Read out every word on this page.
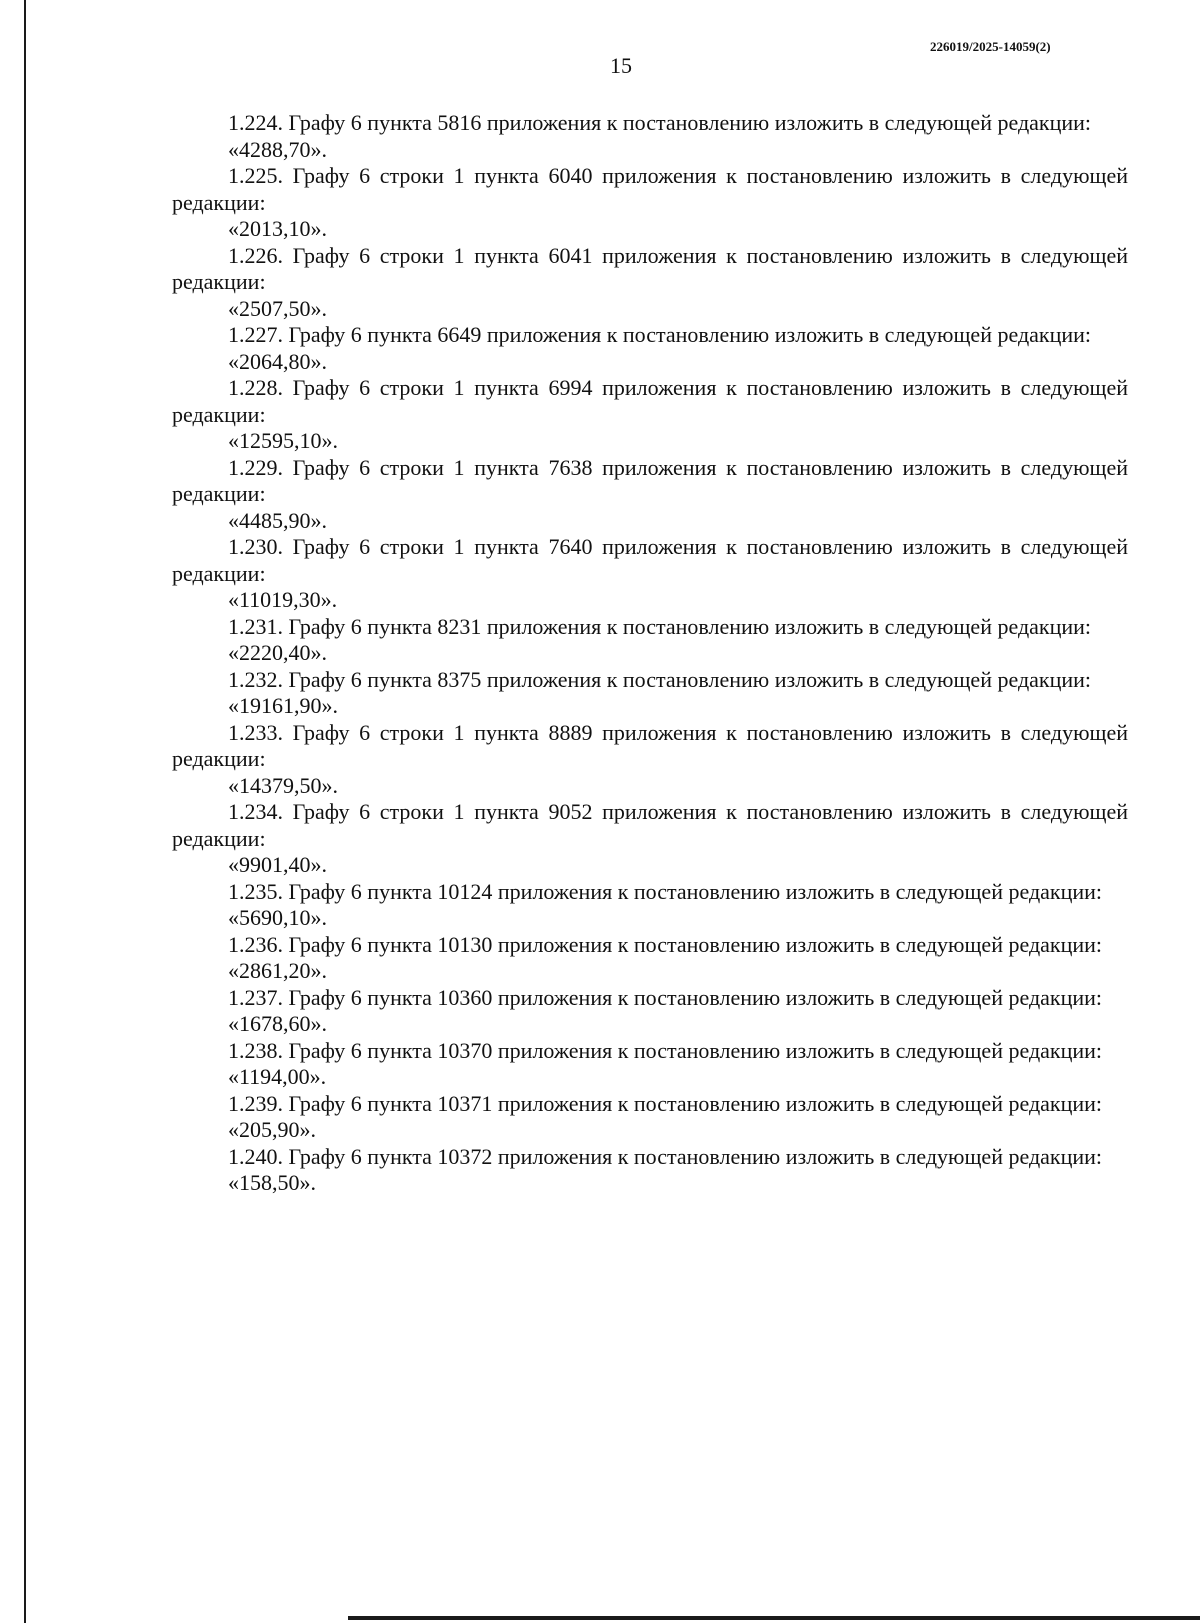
226019/2025-14059(2)
15

1.224. Графу 6 пункта 5816 приложения к постановлению изложить в следующей редакции:

«4288,70».

1.225. Графу 6 строки 1 пункта 6040 приложения к постановлению изложить в следующей редакции:

«2013,10».

1.226. Графу 6 строки 1 пункта 6041 приложения к постановлению изложить в следующей редакции:

«2507,50».

1.227. Графу 6 пункта 6649 приложения к постановлению изложить в следующей редакции:

«2064,80».

1.228. Графу 6 строки 1 пункта 6994 приложения к постановлению изложить в следующей редакции:

«12595,10».

1.229. Графу 6 строки 1 пункта 7638 приложения к постановлению изложить в следующей редакции:

«4485,90».

1.230. Графу 6 строки 1 пункта 7640 приложения к постановлению изложить в следующей редакции:

«11019,30».

1.231. Графу 6 пункта 8231 приложения к постановлению изложить в следующей редакции:

«2220,40».

1.232. Графу 6 пункта 8375 приложения к постановлению изложить в следующей редакции:

«19161,90».

1.233. Графу 6 строки 1 пункта 8889 приложения к постановлению изложить в следующей редакции:

«14379,50».

1.234. Графу 6 строки 1 пункта 9052 приложения к постановлению изложить в следующей редакции:

«9901,40».

1.235. Графу 6 пункта 10124 приложения к постановлению изложить в следующей редакции:

«5690,10».

1.236. Графу 6 пункта 10130 приложения к постановлению изложить в следующей редакции:

«2861,20».

1.237. Графу 6 пункта 10360 приложения к постановлению изложить в следующей редакции:

«1678,60».

1.238. Графу 6 пункта 10370 приложения к постановлению изложить в следующей редакции:

«1194,00».

1.239. Графу 6 пункта 10371 приложения к постановлению изложить в следующей редакции:

«205,90».

1.240. Графу 6 пункта 10372 приложения к постановлению изложить в следующей редакции:

«158,50».
